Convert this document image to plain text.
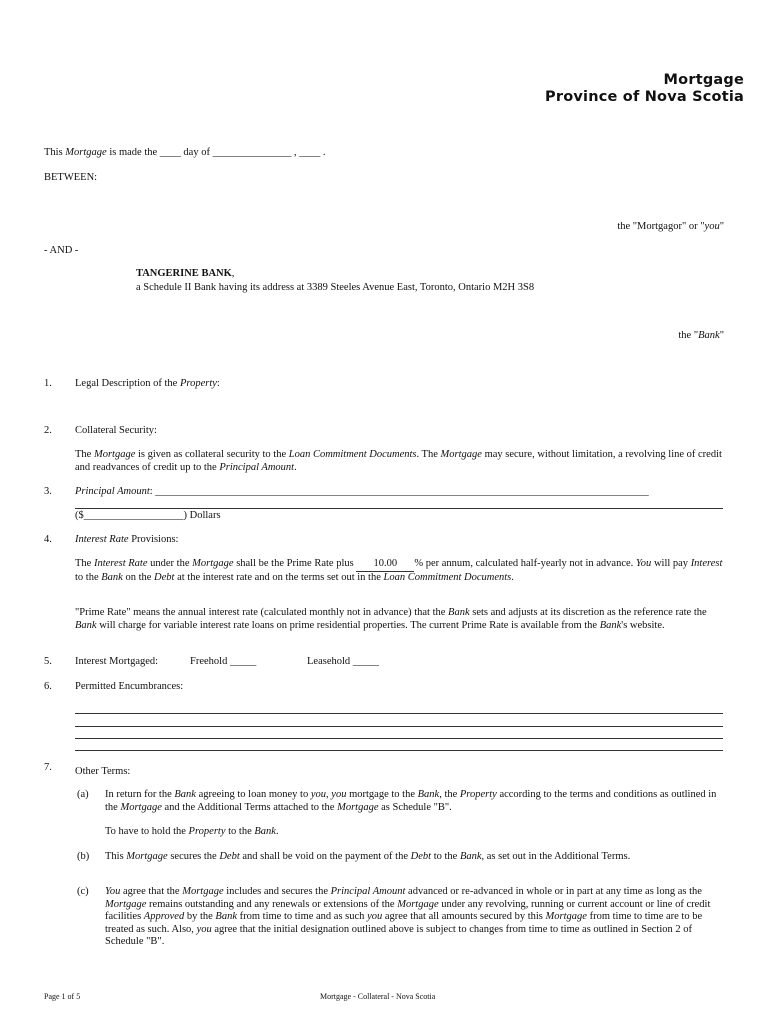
Mortgage
Province of Nova Scotia
This Mortgage is made the ____ day of _______________ , ____ .
BETWEEN:
the "Mortgagor" or "you"
- AND -
TANGERINE BANK,
a Schedule II Bank having its address at 3389 Steeles Avenue East, Toronto, Ontario M2H 3S8
the "Bank"
1. Legal Description of the Property:
2. Collateral Security:
The Mortgage is given as collateral security to the Loan Commitment Documents. The Mortgage may secure, without limitation, a revolving line of credit and readvances of credit up to the Principal Amount.
3. Principal Amount: ______________________________________________________________________________________________
($___________________) Dollars
4. Interest Rate Provisions:
The Interest Rate under the Mortgage shall be the Prime Rate plus 10.00 % per annum, calculated half-yearly not in advance. You will pay Interest to the Bank on the Debt at the interest rate and on the terms set out in the Loan Commitment Documents.
"Prime Rate" means the annual interest rate (calculated monthly not in advance) that the Bank sets and adjusts at its discretion as the reference rate the Bank will charge for variable interest rate loans on prime residential properties. The current Prime Rate is available from the Bank's website.
5. Interest Mortgaged:	Freehold _____	Leasehold _____
6. Permitted Encumbrances:
7. Other Terms:
(a) In return for the Bank agreeing to loan money to you, you mortgage to the Bank, the Property according to the terms and conditions as outlined in the Mortgage and the Additional Terms attached to the Mortgage as Schedule "B".
To have to hold the Property to the Bank.
(b) This Mortgage secures the Debt and shall be void on the payment of the Debt to the Bank, as set out in the Additional Terms.
(c) You agree that the Mortgage includes and secures the Principal Amount advanced or re-advanced in whole or in part at any time as long as the Mortgage remains outstanding and any renewals or extensions of the Mortgage under any revolving, running or current account or line of credit facilities Approved by the Bank from time to time and as such you agree that all amounts secured by this Mortgage from time to time are to be treated as such. Also, you agree that the initial designation outlined above is subject to changes from time to time as outlined in Section 2 of Schedule "B".
Page 1 of 5	Mortgage - Collateral - Nova Scotia
